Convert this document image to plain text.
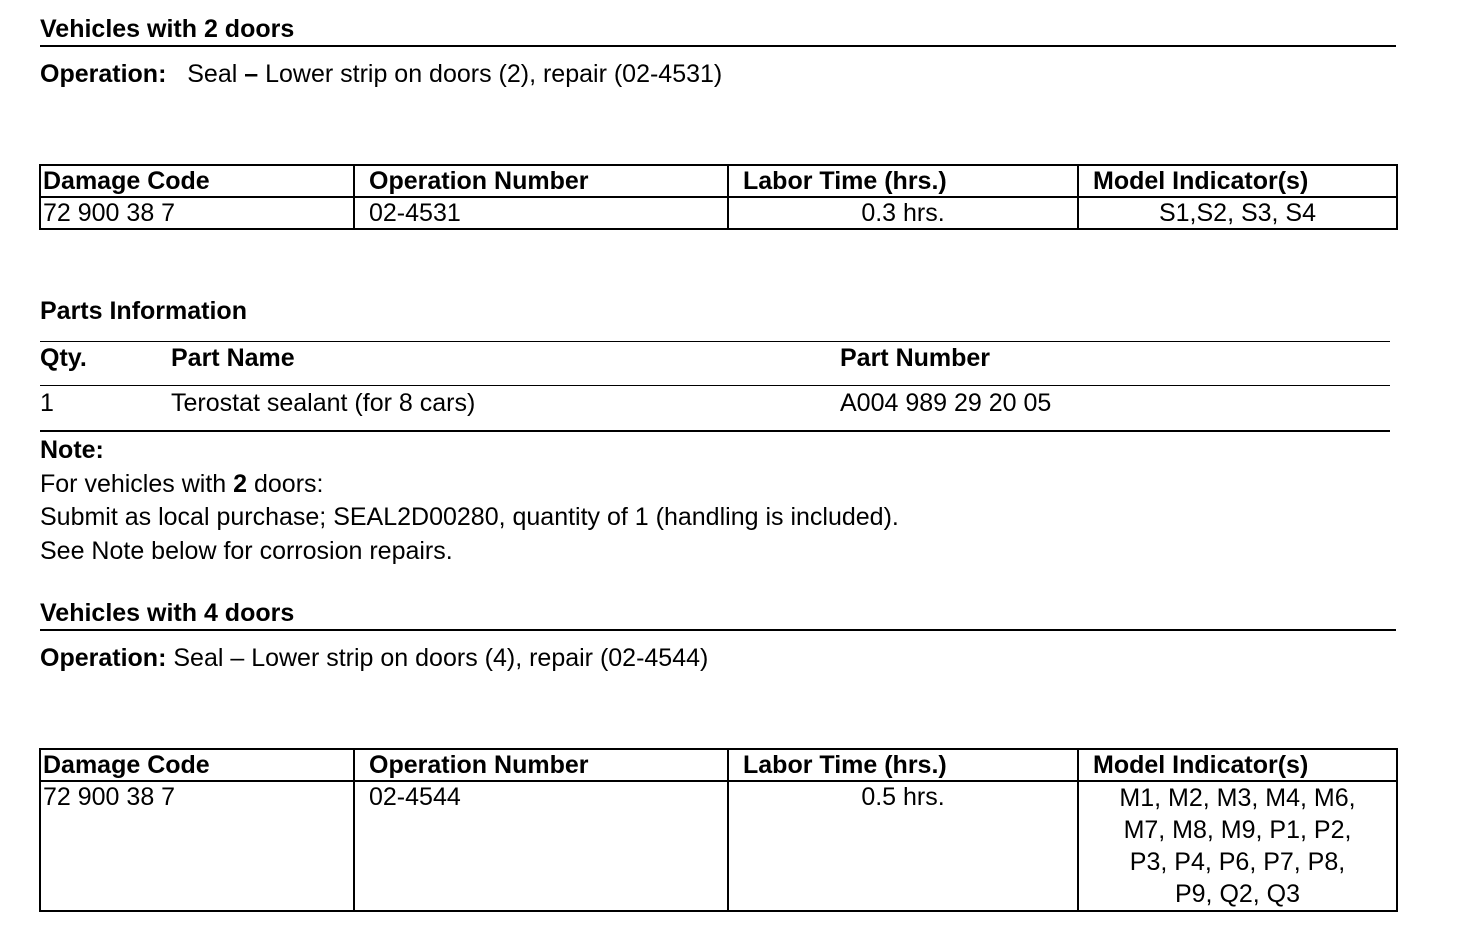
Vehicles with 2 doors
Operation: Seal – Lower strip on doors (2), repair (02-4531)
Damage Code	Operation Number	Labor Time (hrs.)	Model Indicator(s)
72 900 38 7	02-4531	0.3 hrs.	S1,S2, S3, S4
Parts Information
Qty.	Part Name	Part Number
1	Terostat sealant (for 8 cars)	A004 989 29 20 05
Note:
For vehicles with 2 doors:
Submit as local purchase; SEAL2D00280, quantity of 1 (handling is included).
See Note below for corrosion repairs.
Vehicles with 4 doors
Operation: Seal – Lower strip on doors (4), repair (02-4544)
Damage Code	Operation Number	Labor Time (hrs.)	Model Indicator(s)
72 900 38 7	02-4544	0.5 hrs.	M1, M2, M3, M4, M6,
M7, M8, M9, P1, P2,
P3, P4, P6, P7, P8,
P9, Q2, Q3
